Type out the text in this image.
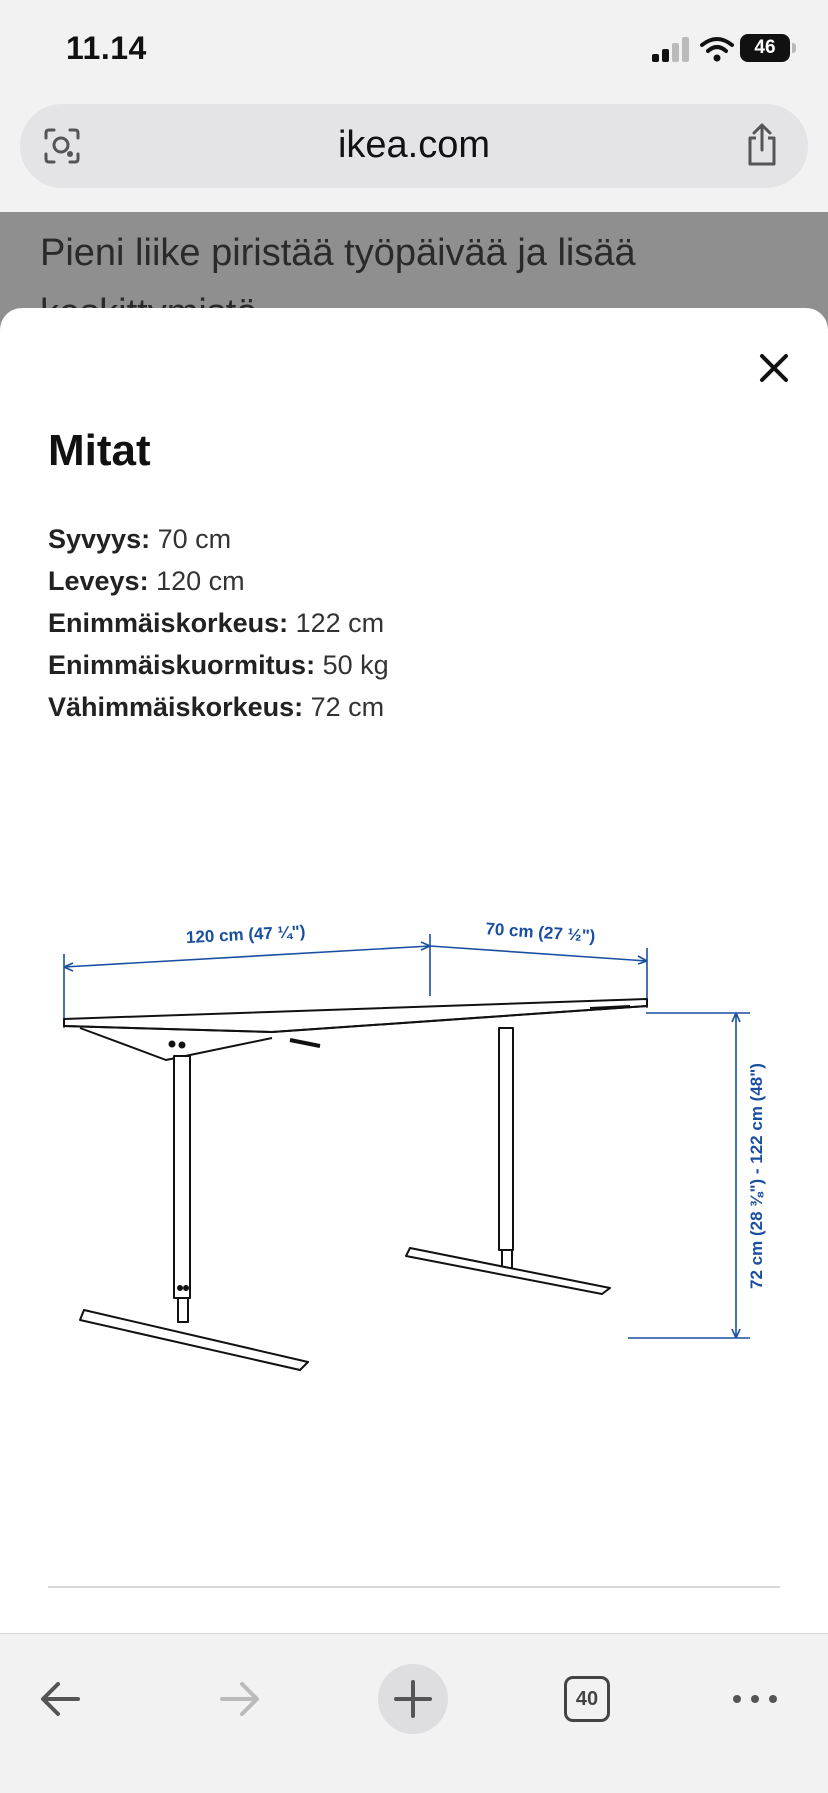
11.14	46
ikea.com
Pieni liike piristää työpäivää ja lisää
Mitat
Syvyys: 70 cm
Leveys: 120 cm
Enimmäiskorkeus: 122 cm
Enimmäiskuormitus: 50 kg
Vähimmäiskorkeus: 72 cm
120 cm (47 ¼")	70 cm (27 ½")
72 cm (28 ⅜") - 122 cm (48")
40
